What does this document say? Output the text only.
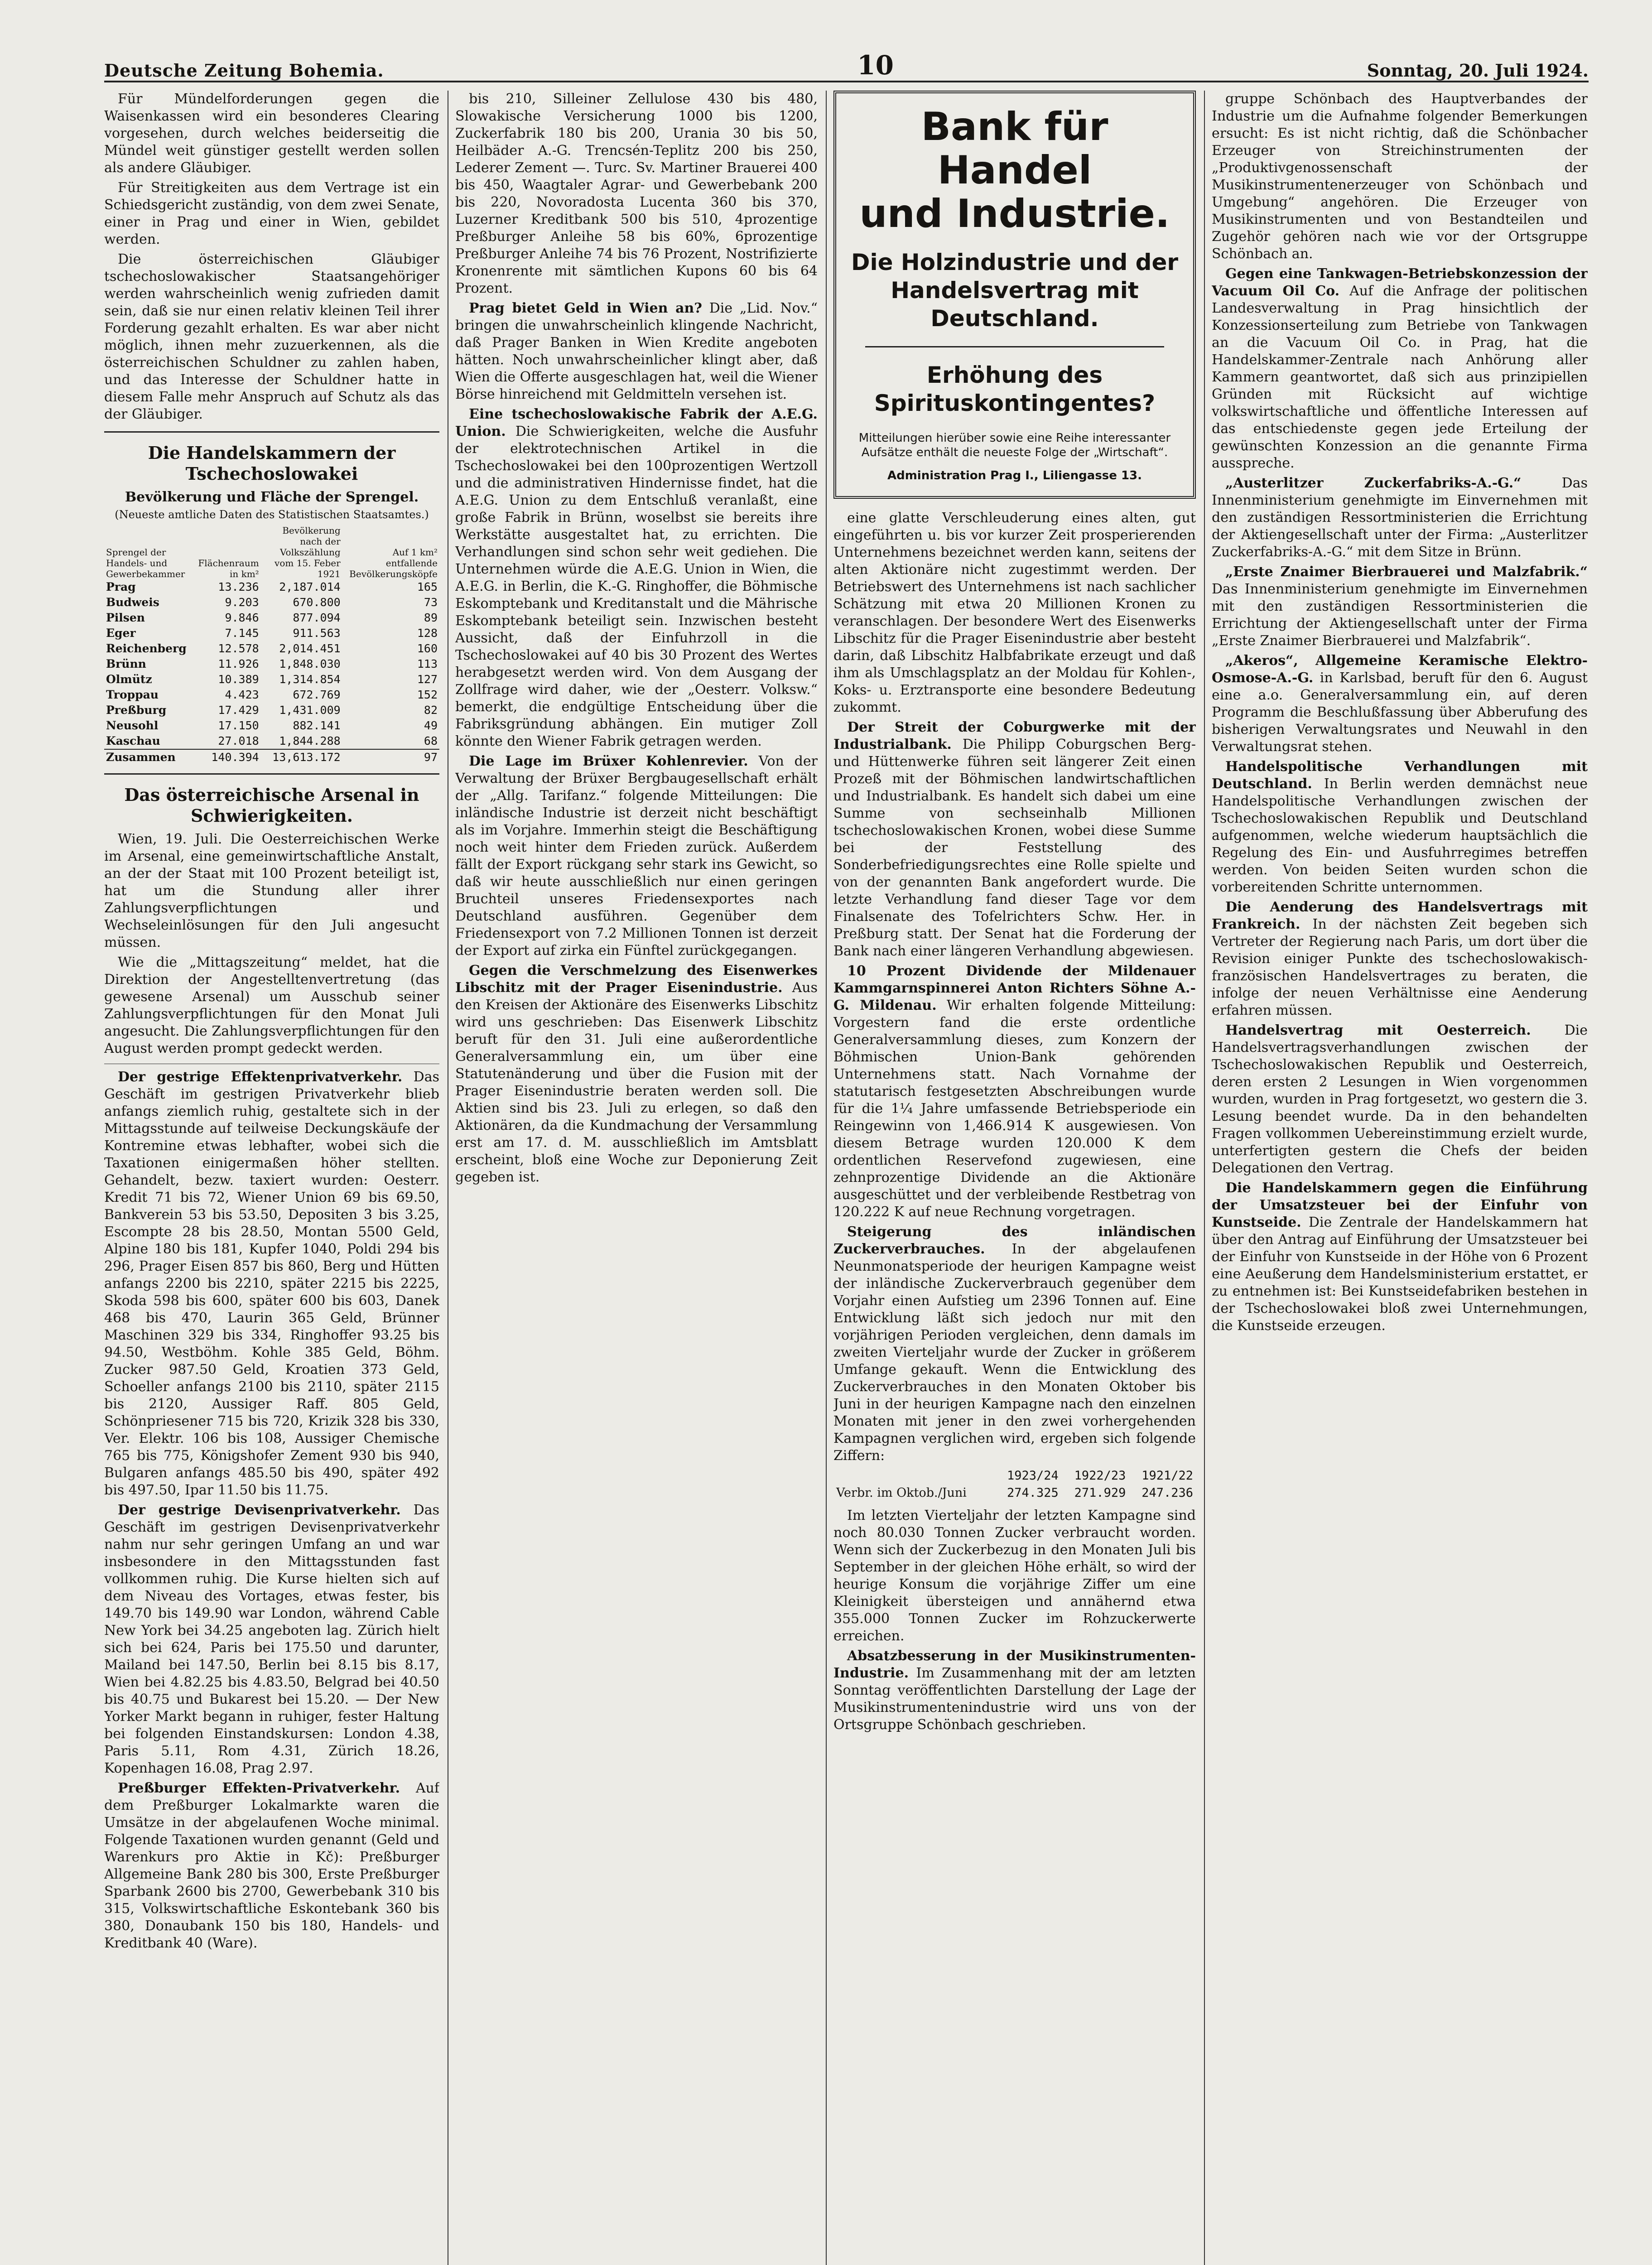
Deutsche Zeitung Bohemia.	10	Sonntag, 20. Juli 1924.

Für Mündelforderungen gegen die Waisenkassen wird ein besonderes Clearing vorgesehen, durch welches beiderseitig die Mündel weit günstiger gestellt werden sollen als andere Gläubiger.

Für Streitigkeiten aus dem Vertrage ist ein Schiedsgericht zuständig, von dem zwei Senate, einer in Prag und einer in Wien, gebildet werden.

Die österreichischen Gläubiger tschechoslowakischer Staatsangehöriger werden wahrscheinlich wenig zufrieden damit sein, daß sie nur einen relativ kleinen Teil ihrer Forderung gezahlt erhalten. Es war aber nicht möglich, ihnen mehr zuzuerkennen, als die österreichischen Schuldner zu zahlen haben, und das Interesse der Schuldner hatte in diesem Falle mehr Anspruch auf Schutz als das der Gläubiger.

Die Handelskammern der Tschechoslowakei
Bevölkerung und Fläche der Sprengel.
(Neueste amtliche Daten des Statistischen Staatsamtes.)
Sprengel der Handels- und Gewerbekammer	Flächenraum in km²	Bevölkerung nach der Volkszählung vom 15. Feber 1921	Auf 1 km² entfallende Bevölkerungsköpfe
Prag	13.236	2,187.014	165
Budweis	9.203	670.800	73
Pilsen	9.846	877.094	89
Eger	7.145	911.563	128
Reichenberg	12.578	2,014.451	160
Brünn	11.926	1,848.030	113
Olmütz	10.389	1,314.854	127
Troppau	4.423	672.769	152
Preßburg	17.429	1,431.009	82
Neusohl	17.150	882.141	49
Kaschau	27.018	1,844.288	68
Zusammen	140.394	13,613.172	97
Das österreichische Arsenal in Schwierigkeiten.

Wien, 19. Juli. Die Oesterreichischen Werke im Arsenal, eine gemeinwirtschaftliche Anstalt, an der der Staat mit 100 Prozent beteiligt ist, hat um die Stundung aller ihrer Zahlungsverpflichtungen und Wechseleinlösungen für den Juli angesucht müssen.

Wie die „Mittagszeitung“ meldet, hat die Direktion der Angestelltenvertretung (das gewesene Arsenal) um Ausschub seiner Zahlungsverpflichtungen für den Monat Juli angesucht. Die Zahlungsverpflichtungen für den August werden prompt gedeckt werden.

Der gestrige Effektenprivatverkehr. Das Geschäft im gestrigen Privatverkehr blieb anfangs ziemlich ruhig, gestaltete sich in der Mittagsstunde auf teilweise Deckungskäufe der Kontremine etwas lebhafter, wobei sich die Taxationen einigermaßen höher stellten. Gehandelt, bezw. taxiert wurden: Oesterr. Kredit 71 bis 72, Wiener Union 69 bis 69.50, Bankverein 53 bis 53.50, Depositen 3 bis 3.25, Escompte 28 bis 28.50, Montan 5500 Geld, Alpine 180 bis 181, Kupfer 1040, Poldi 294 bis 296, Prager Eisen 857 bis 860, Berg und Hütten anfangs 2200 bis 2210, später 2215 bis 2225, Skoda 598 bis 600, später 600 bis 603, Danek 468 bis 470, Laurin 365 Geld, Brünner Maschinen 329 bis 334, Ringhoffer 93.25 bis 94.50, Westböhm. Kohle 385 Geld, Böhm. Zucker 987.50 Geld, Kroatien 373 Geld, Schoeller anfangs 2100 bis 2110, später 2115 bis 2120, Aussiger Raff. 805 Geld, Schönpriesener 715 bis 720, Krizik 328 bis 330, Ver. Elektr. 106 bis 108, Aussiger Chemische 765 bis 775, Königshofer Zement 930 bis 940, Bulgaren anfangs 485.50 bis 490, später 492 bis 497.50, Ipar 11.50 bis 11.75.

Der gestrige Devisenprivatverkehr. Das Geschäft im gestrigen Devisenprivatverkehr nahm nur sehr geringen Umfang an und war insbesondere in den Mittagsstunden fast vollkommen ruhig. Die Kurse hielten sich auf dem Niveau des Vortages, etwas fester, bis 149.70 bis 149.90 war London, während Cable New York bei 34.25 angeboten lag. Zürich hielt sich bei 624, Paris bei 175.50 und darunter, Mailand bei 147.50, Berlin bei 8.15 bis 8.17, Wien bei 4.82.25 bis 4.83.50, Belgrad bei 40.50 bis 40.75 und Bukarest bei 15.20. — Der New Yorker Markt begann in ruhiger, fester Haltung bei folgenden Einstandskursen: London 4.38, Paris 5.11, Rom 4.31, Zürich 18.26, Kopenhagen 16.08, Prag 2.97.

Preßburger Effekten-Privatverkehr. Auf dem Preßburger Lokalmarkte waren die Umsätze in der abgelaufenen Woche minimal. Folgende Taxationen wurden genannt (Geld und Warenkurs pro Aktie in Kč): Preßburger Allgemeine Bank 280 bis 300, Erste Preßburger Sparbank 2600 bis 2700, Gewerbebank 310 bis 315, Volkswirtschaftliche Eskontebank 360 bis 380, Donaubank 150 bis 180, Handels- und Kreditbank 40 (Ware).

bis 210, Silleiner Zellulose 430 bis 480, Slowakische Versicherung 1000 bis 1200, Zuckerfabrik 180 bis 200, Urania 30 bis 50, Heilbäder A.-G. Trencsén-Teplitz 200 bis 250, Lederer Zement —. Turc. Sv. Martiner Brauerei 400 bis 450, Waagtaler Agrar- und Gewerbebank 200 bis 220, Novoradosta Lucenta 360 bis 370, Luzerner Kreditbank 500 bis 510, 4prozentige Preßburger Anleihe 58 bis 60%, 6prozentige Preßburger Anleihe 74 bis 76 Prozent, Nostrifizierte Kronenrente mit sämtlichen Kupons 60 bis 64 Prozent.

Prag bietet Geld in Wien an? Die „Lid. Nov.“ bringen die unwahrscheinlich klingende Nachricht, daß Prager Banken in Wien Kredite angeboten hätten. Noch unwahrscheinlicher klingt aber, daß Wien die Offerte ausgeschlagen hat, weil die Wiener Börse hinreichend mit Geldmitteln versehen ist.

Eine tschechoslowakische Fabrik der A.E.G. Union. Die Schwierigkeiten, welche die Ausfuhr der elektrotechnischen Artikel in die Tschechoslowakei bei den 100prozentigen Wertzoll und die administrativen Hindernisse findet, hat die A.E.G. Union zu dem Entschluß veranlaßt, eine große Fabrik in Brünn, woselbst sie bereits ihre Werkstätte ausgestaltet hat, zu errichten. Die Verhandlungen sind schon sehr weit gediehen. Die Unternehmen würde die A.E.G. Union in Wien, die A.E.G. in Berlin, die K.-G. Ringhoffer, die Böhmische Eskomptebank und Kreditanstalt und die Mährische Eskomptebank beteiligt sein. Inzwischen besteht Aussicht, daß der Einfuhrzoll in die Tschechoslowakei auf 40 bis 30 Prozent des Wertes herabgesetzt werden wird. Von dem Ausgang der Zollfrage wird daher, wie der „Oesterr. Volksw.“ bemerkt, die endgültige Entscheidung über die Fabriksgründung abhängen. Ein mutiger Zoll könnte den Wiener Fabrik getragen werden.

Die Lage im Brüxer Kohlenrevier. Von der Verwaltung der Brüxer Bergbaugesellschaft erhält der „Allg. Tarifanz.“ folgende Mitteilungen: Die inländische Industrie ist derzeit nicht beschäftigt als im Vorjahre. Immerhin steigt die Beschäftigung noch weit hinter dem Frieden zurück. Außerdem fällt der Export rückgang sehr stark ins Gewicht, so daß wir heute ausschließlich nur einen geringen Bruchteil unseres Friedensexportes nach Deutschland ausführen. Gegenüber dem Friedensexport von 7.2 Millionen Tonnen ist derzeit der Export auf zirka ein Fünftel zurückgegangen.

Gegen die Verschmelzung des Eisenwerkes Libschitz mit der Prager Eisenindustrie. Aus den Kreisen der Aktionäre des Eisenwerks Libschitz wird uns geschrieben: Das Eisenwerk Libschitz beruft für den 31. Juli eine außerordentliche Generalversammlung ein, um über eine Statutenänderung und über die Fusion mit der Prager Eisenindustrie beraten werden soll. Die Aktien sind bis 23. Juli zu erlegen, so daß den Aktionären, da die Kundmachung der Versammlung erst am 17. d. M. ausschließlich im Amtsblatt erscheint, bloß eine Woche zur Deponierung Zeit gegeben ist.

Bank für Handel
und Industrie.
Die Holzindustrie und der Handelsvertrag mit Deutschland.
Erhöhung des Spirituskontingentes?
Mitteilungen hierüber sowie eine Reihe interessanter Aufsätze enthält die neueste Folge der „Wirtschaft“.
Administration Prag I., Liliengasse 13.

eine glatte Verschleuderung eines alten, gut eingeführten u. bis vor kurzer Zeit prosperierenden Unternehmens bezeichnet werden kann, seitens der alten Aktionäre nicht zugestimmt werden. Der Betriebswert des Unternehmens ist nach sachlicher Schätzung mit etwa 20 Millionen Kronen zu veranschlagen. Der besondere Wert des Eisenwerks Libschitz für die Prager Eisenindustrie aber besteht darin, daß Libschitz Halbfabrikate erzeugt und daß ihm als Umschlagsplatz an der Moldau für Kohlen-, Koks- u. Erztransporte eine besondere Bedeutung zukommt.

Der Streit der Coburgwerke mit der Industrialbank. Die Philipp Coburgschen Berg- und Hüttenwerke führen seit längerer Zeit einen Prozeß mit der Böhmischen landwirtschaftlichen und Industrialbank. Es handelt sich dabei um eine Summe von sechseinhalb Millionen tschechoslowakischen Kronen, wobei diese Summe bei der Feststellung des Sonderbefriedigungsrechtes eine Rolle spielte und von der genannten Bank angefordert wurde. Die letzte Verhandlung fand dieser Tage vor dem Finalsenate des Tofelrichters Schw. Her. in Preßburg statt. Der Senat hat die Forderung der Bank nach einer längeren Verhandlung abgewiesen.

10 Prozent Dividende der Mildenauer Kammgarnspinnerei Anton Richters Söhne A.-G. Mildenau. Wir erhalten folgende Mitteilung: Vorgestern fand die erste ordentliche Generalversammlung dieses, zum Konzern der Böhmischen Union-Bank gehörenden Unternehmens statt. Nach Vornahme der statutarisch festgesetzten Abschreibungen wurde für die 1¼ Jahre umfassende Betriebsperiode ein Reingewinn von 1,466.914 K ausgewiesen. Von diesem Betrage wurden 120.000 K dem ordentlichen Reservefond zugewiesen, eine zehnprozentige Dividende an die Aktionäre ausgeschüttet und der verbleibende Restbetrag von 120.222 K auf neue Rechnung vorgetragen.

Steigerung des inländischen Zuckerverbrauches. In der abgelaufenen Neunmonatsperiode der heurigen Kampagne weist der inländische Zuckerverbrauch gegenüber dem Vorjahr einen Aufstieg um 2396 Tonnen auf. Eine Entwicklung läßt sich jedoch nur mit den vorjährigen Perioden vergleichen, denn damals im zweiten Vierteljahr wurde der Zucker in größerem Umfange gekauft. Wenn die Entwicklung des Zuckerverbrauches in den Monaten Oktober bis Juni in der heurigen Kampagne nach den einzelnen Monaten mit jener in den zwei vorhergehenden Kampagnen verglichen wird, ergeben sich folgende Ziffern:

	1923/24	1922/23	1921/22
Verbr. im Oktob./Juni	274.325	271.929	247.236

Im letzten Vierteljahr der letzten Kampagne sind noch 80.030 Tonnen Zucker verbraucht worden. Wenn sich der Zuckerbezug in den Monaten Juli bis September in der gleichen Höhe erhält, so wird der heurige Konsum die vorjährige Ziffer um eine Kleinigkeit übersteigen und annähernd etwa 355.000 Tonnen Zucker im Rohzuckerwerte erreichen.

Absatzbesserung in der Musikinstrumenten-Industrie. Im Zusammenhang mit der am letzten Sonntag veröffentlichten Darstellung der Lage der Musikinstrumentenindustrie wird uns von der Ortsgruppe Schönbach geschrieben.

gruppe Schönbach des Hauptverbandes der Industrie um die Aufnahme folgender Bemerkungen ersucht: Es ist nicht richtig, daß die Schönbacher Erzeuger von Streichinstrumenten der „Produktivgenossenschaft der Musikinstrumentenerzeuger von Schönbach und Umgebung“ angehören. Die Erzeuger von Musikinstrumenten und von Bestandteilen und Zugehör gehören nach wie vor der Ortsgruppe Schönbach an.

Gegen eine Tankwagen-Betriebskonzession der Vacuum Oil Co. Auf die Anfrage der politischen Landesverwaltung in Prag hinsichtlich der Konzessionserteilung zum Betriebe von Tankwagen an die Vacuum Oil Co. in Prag, hat die Handelskammer-Zentrale nach Anhörung aller Kammern geantwortet, daß sich aus prinzipiellen Gründen mit Rücksicht auf wichtige volkswirtschaftliche und öffentliche Interessen auf das entschiedenste gegen jede Erteilung der gewünschten Konzession an die genannte Firma ausspreche.

„Austerlitzer Zuckerfabriks-A.-G.“	Das Innenministerium genehmigte im Einvernehmen mit den zuständigen Ressortministerien die Errichtung der Aktiengesellschaft unter der Firma: „Austerlitzer Zuckerfabriks-A.-G.“ mit dem Sitze in Brünn.

„Erste Znaimer Bierbrauerei und Malzfabrik.“ Das Innenministerium genehmigte im Einvernehmen mit den zuständigen Ressortministerien die Errichtung der Aktiengesellschaft unter der Firma „Erste Znaimer Bierbrauerei und Malzfabrik“.

„Akeros“, Allgemeine Keramische Elektro-Osmose-A.-G. in Karlsbad, beruft für den 6. August eine a.o. Generalversammlung ein, auf deren Programm die Beschlußfassung über Abberufung des bisherigen Verwaltungsrates und Neuwahl in den Verwaltungsrat stehen.

Handelspolitische Verhandlungen mit Deutschland. In Berlin werden demnächst neue Handelspolitische Verhandlungen zwischen der Tschechoslowakischen Republik und Deutschland aufgenommen, welche wiederum hauptsächlich die Regelung des Ein- und Ausfuhrregimes betreffen werden. Von beiden Seiten wurden schon die vorbereitenden Schritte unternommen.

Die Aenderung des Handelsvertrags mit Frankreich. In der nächsten Zeit begeben sich Vertreter der Regierung nach Paris, um dort über die Revision einiger Punkte des tschechoslowakisch-französischen Handelsvertrages zu beraten, die infolge der neuen Verhältnisse eine Aenderung erfahren müssen.

Handelsvertrag mit Oesterreich. Die Handelsvertragsverhandlungen zwischen der Tschechoslowakischen Republik und Oesterreich, deren ersten 2 Lesungen in Wien vorgenommen wurden, wurden in Prag fortgesetzt, wo gestern die 3. Lesung beendet wurde. Da in den behandelten Fragen vollkommen Uebereinstimmung erzielt wurde, unterfertigten gestern die Chefs der beiden Delegationen den Vertrag.

Die Handelskammern gegen die Einführung der Umsatzsteuer bei der Einfuhr von Kunstseide. Die Zentrale der Handelskammern hat über den Antrag auf Einführung der Umsatzsteuer bei der Einfuhr von Kunstseide in der Höhe von 6 Prozent eine Aeußerung dem Handelsministerium erstattet, er zu entnehmen ist: Bei Kunstseidefabriken bestehen in der Tschechoslowakei bloß zwei Unternehmungen, die Kunstseide erzeugen.
